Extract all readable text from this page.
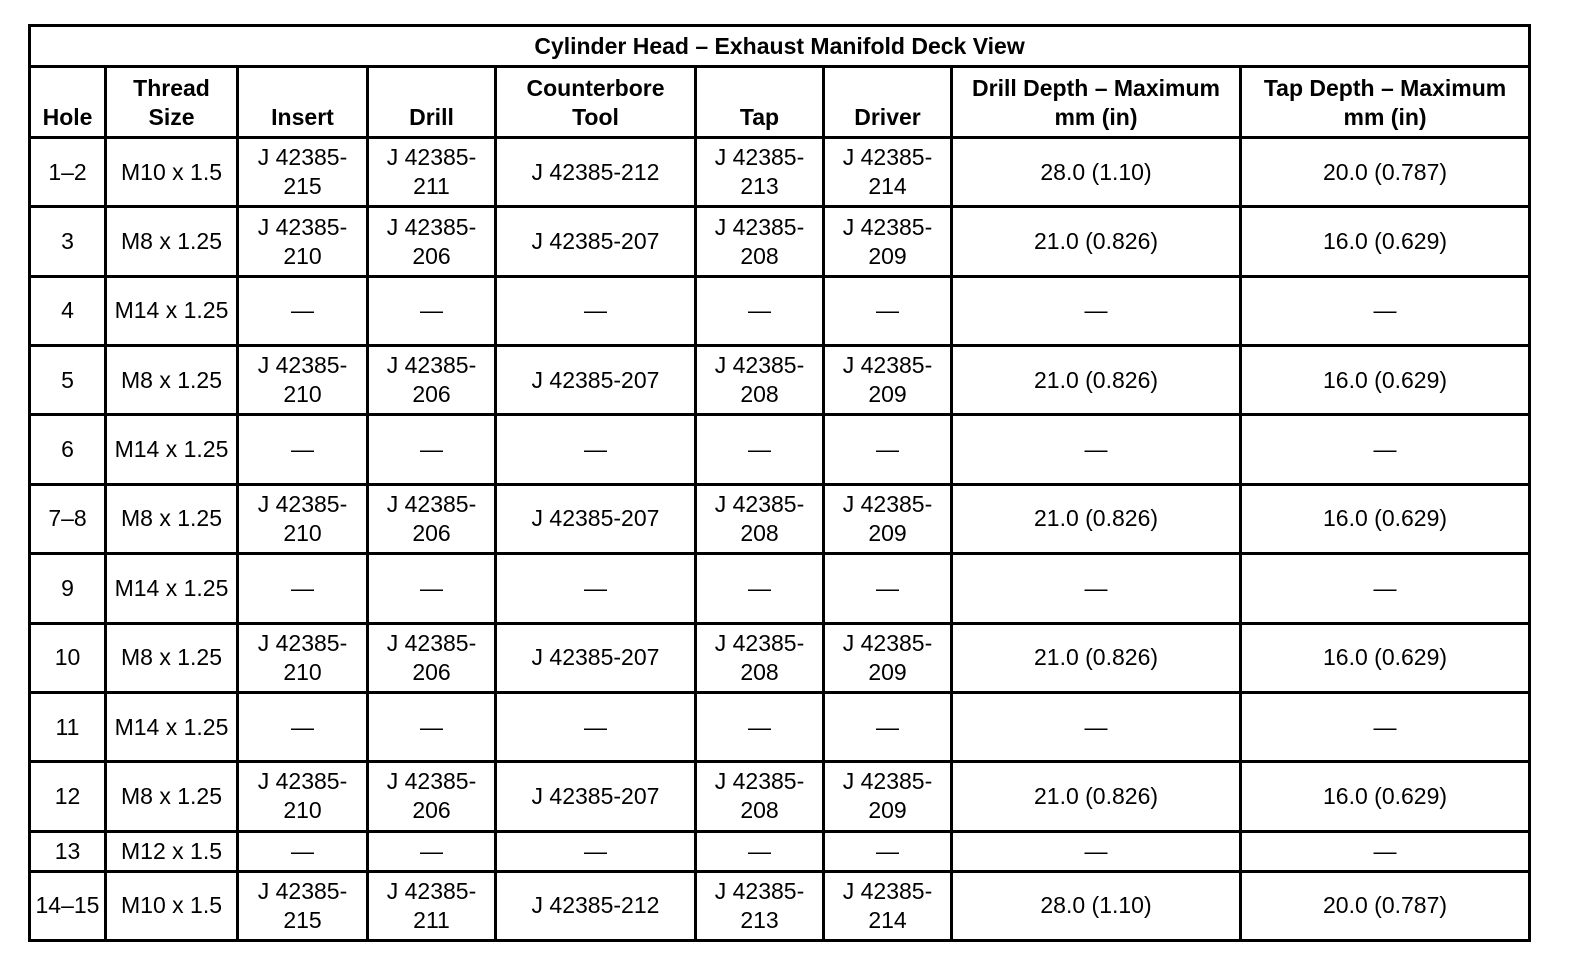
Cylinder Head – Exhaust Manifold Deck View								
Hole	Thread Size	Insert	Drill	Counterbore Tool	Tap	Driver	Drill Depth – Maximum mm (in)	Tap Depth – Maximum mm (in)
1–2	M10 x 1.5	J 42385-215	J 42385-211	J 42385-212	J 42385-213	J 42385-214	28.0 (1.10)	20.0 (0.787)
3	M8 x 1.25	J 42385-210	J 42385-206	J 42385-207	J 42385-208	J 42385-209	21.0 (0.826)	16.0 (0.629)
4	M14 x 1.25	—	—	—	—	—	—	—
5	M8 x 1.25	J 42385-210	J 42385-206	J 42385-207	J 42385-208	J 42385-209	21.0 (0.826)	16.0 (0.629)
6	M14 x 1.25	—	—	—	—	—	—	—
7–8	M8 x 1.25	J 42385-210	J 42385-206	J 42385-207	J 42385-208	J 42385-209	21.0 (0.826)	16.0 (0.629)
9	M14 x 1.25	—	—	—	—	—	—	—
10	M8 x 1.25	J 42385-210	J 42385-206	J 42385-207	J 42385-208	J 42385-209	21.0 (0.826)	16.0 (0.629)
11	M14 x 1.25	—	—	—	—	—	—	—
12	M8 x 1.25	J 42385-210	J 42385-206	J 42385-207	J 42385-208	J 42385-209	21.0 (0.826)	16.0 (0.629)
13	M12 x 1.5	—	—	—	—	—	—	—
14–15	M10 x 1.5	J 42385-215	J 42385-211	J 42385-212	J 42385-213	J 42385-214	28.0 (1.10)	20.0 (0.787)
